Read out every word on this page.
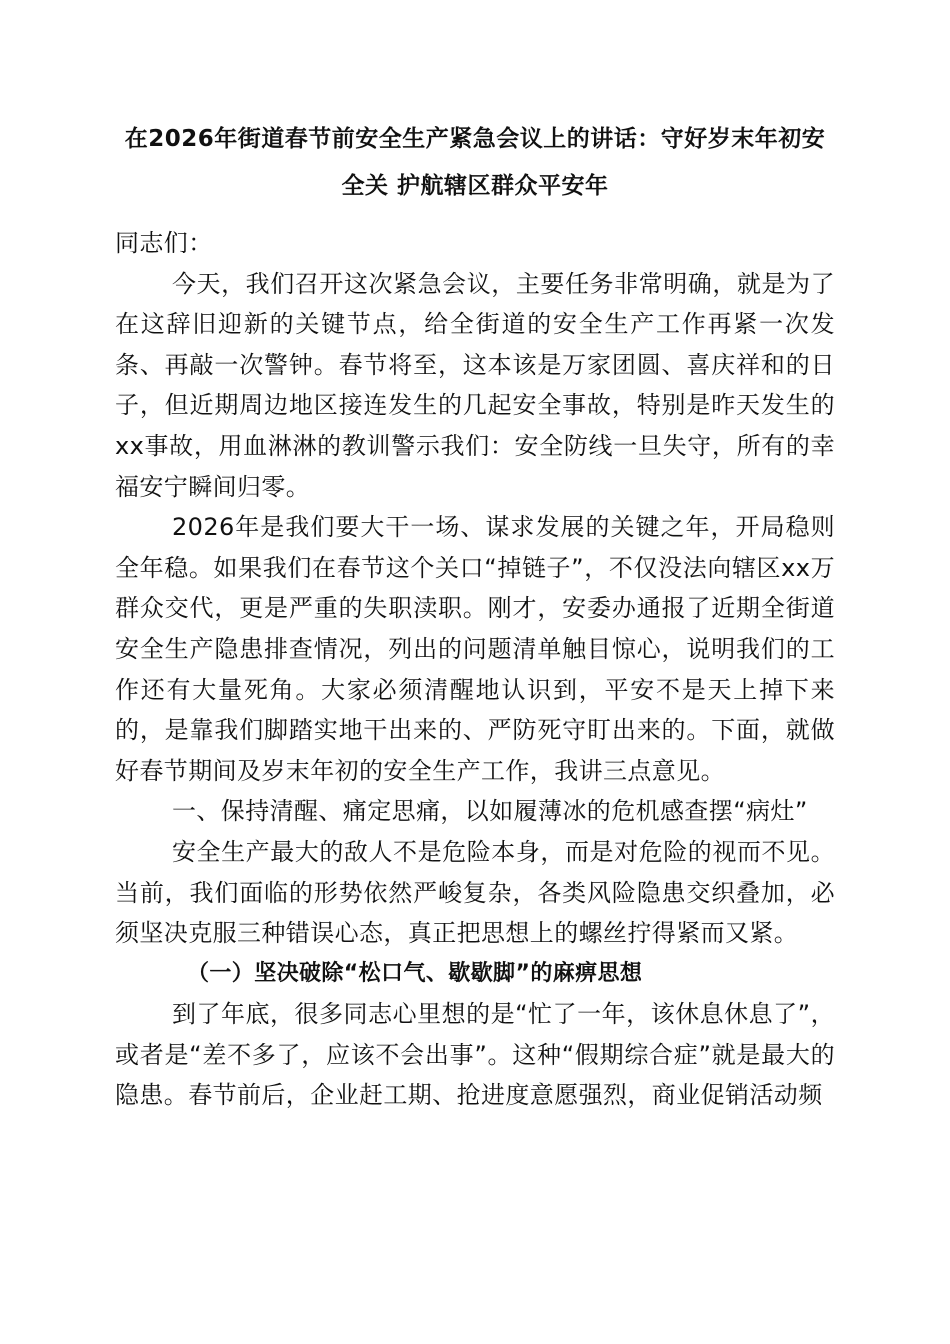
在2026年街道春节前安全生产紧急会议上的讲话：守好岁末年初安全关 护航辖区群众平安年

同志们：

今天，我们召开这次紧急会议，主要任务非常明确，就是为了在这辞旧迎新的关键节点，给全街道的安全生产工作再紧一次发条、再敲一次警钟。春节将至，这本该是万家团圆、喜庆祥和的日子，但近期周边地区接连发生的几起安全事故，特别是昨天发生的xx事故，用血淋淋的教训警示我们：安全防线一旦失守，所有的幸福安宁瞬间归零。

2026年是我们要大干一场、谋求发展的关键之年，开局稳则全年稳。如果我们在春节这个关口“掉链子”，不仅没法向辖区xx万群众交代，更是严重的失职渎职。刚才，安委办通报了近期全街道安全生产隐患排查情况，列出的问题清单触目惊心，说明我们的工作还有大量死角。大家必须清醒地认识到，平安不是天上掉下来的，是靠我们脚踏实地干出来的、严防死守盯出来的。下面，就做好春节期间及岁末年初的安全生产工作，我讲三点意见。

一、保持清醒、痛定思痛，以如履薄冰的危机感查摆“病灶”

安全生产最大的敌人不是危险本身，而是对危险的视而不见。当前，我们面临的形势依然严峻复杂，各类风险隐患交织叠加，必须坚决克服三种错误心态，真正把思想上的螺丝拧得紧而又紧。

（一）坚决破除“松口气、歇歇脚”的麻痹思想

到了年底，很多同志心里想的是“忙了一年，该休息休息了”，或者是“差不多了，应该不会出事”。这种“假期综合症”就是最大的隐患。春节前后，企业赶工期、抢进度意愿强烈，商业促销活动频
